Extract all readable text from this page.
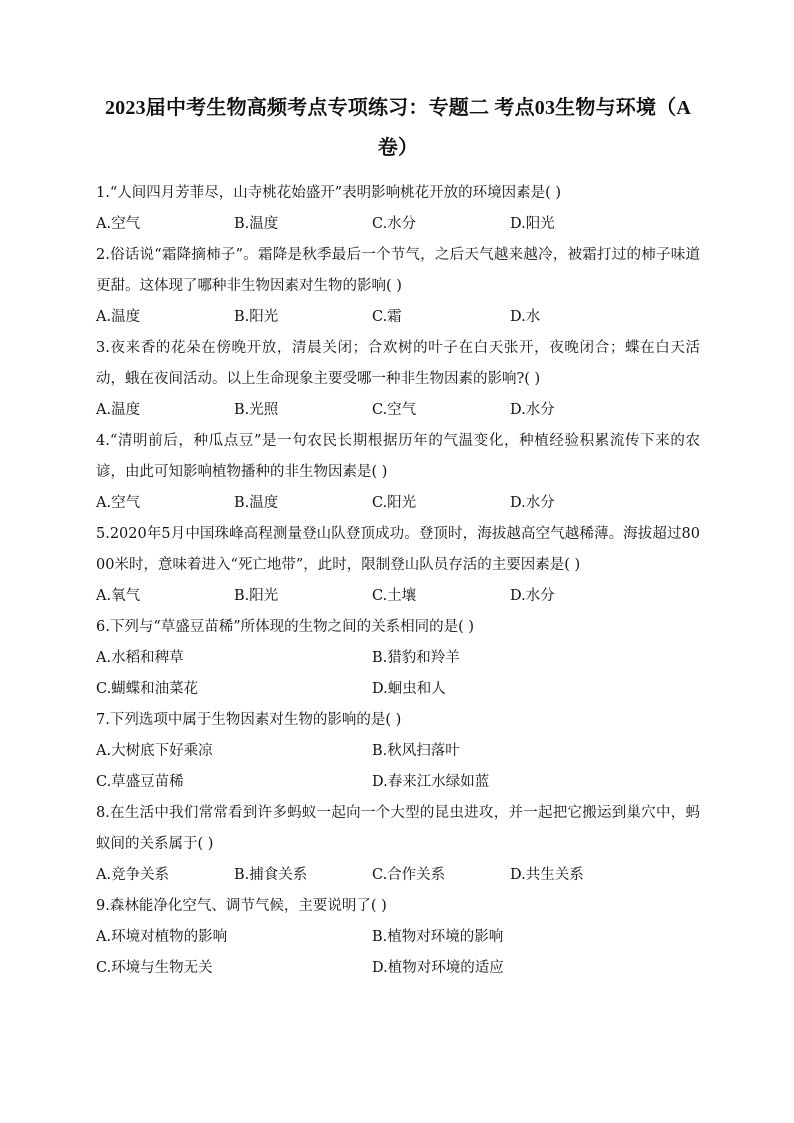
2023届中考生物高频考点专项练习：专题二 考点03生物与环境（A卷）
1.“人间四月芳菲尽，山寺桃花始盛开”表明影响桃花开放的环境因素是( )
A.空气	B.温度	C.水分	D.阳光
2.俗话说“霜降摘柿子”。霜降是秋季最后一个节气，之后天气越来越冷，被霜打过的柿子味道更甜。这体现了哪种非生物因素对生物的影响( )
A.温度	B.阳光	C.霜	D.水
3.夜来香的花朵在傍晚开放，清晨关闭；合欢树的叶子在白天张开，夜晚闭合；蝶在白天活动，蛾在夜间活动。以上生命现象主要受哪一种非生物因素的影响?( )
A.温度	B.光照	C.空气	D.水分
4.“清明前后，种瓜点豆”是一句农民长期根据历年的气温变化，种植经验积累流传下来的农谚，由此可知影响植物播种的非生物因素是( )
A.空气	B.温度	C.阳光	D.水分
5.2020年5月中国珠峰高程测量登山队登顶成功。登顶时，海拔越高空气越稀薄。海拔超过8000米时，意味着进入“死亡地带”，此时，限制登山队员存活的主要因素是( )
A.氧气	B.阳光	C.土壤	D.水分
6.下列与“草盛豆苗稀”所体现的生物之间的关系相同的是( )
A.水稻和稗草	B.猎豹和羚羊
C.蝴蝶和油菜花	D.蛔虫和人
7.下列选项中属于生物因素对生物的影响的是( )
A.大树底下好乘凉	B.秋风扫落叶
C.草盛豆苗稀	D.春来江水绿如蓝
8.在生活中我们常常看到许多蚂蚁一起向一个大型的昆虫进攻，并一起把它搬运到巢穴中，蚂蚁间的关系属于( )
A.竞争关系	B.捕食关系	C.合作关系	D.共生关系
9.森林能净化空气、调节气候，主要说明了( )
A.环境对植物的影响	B.植物对环境的影响
C.环境与生物无关	D.植物对环境的适应
